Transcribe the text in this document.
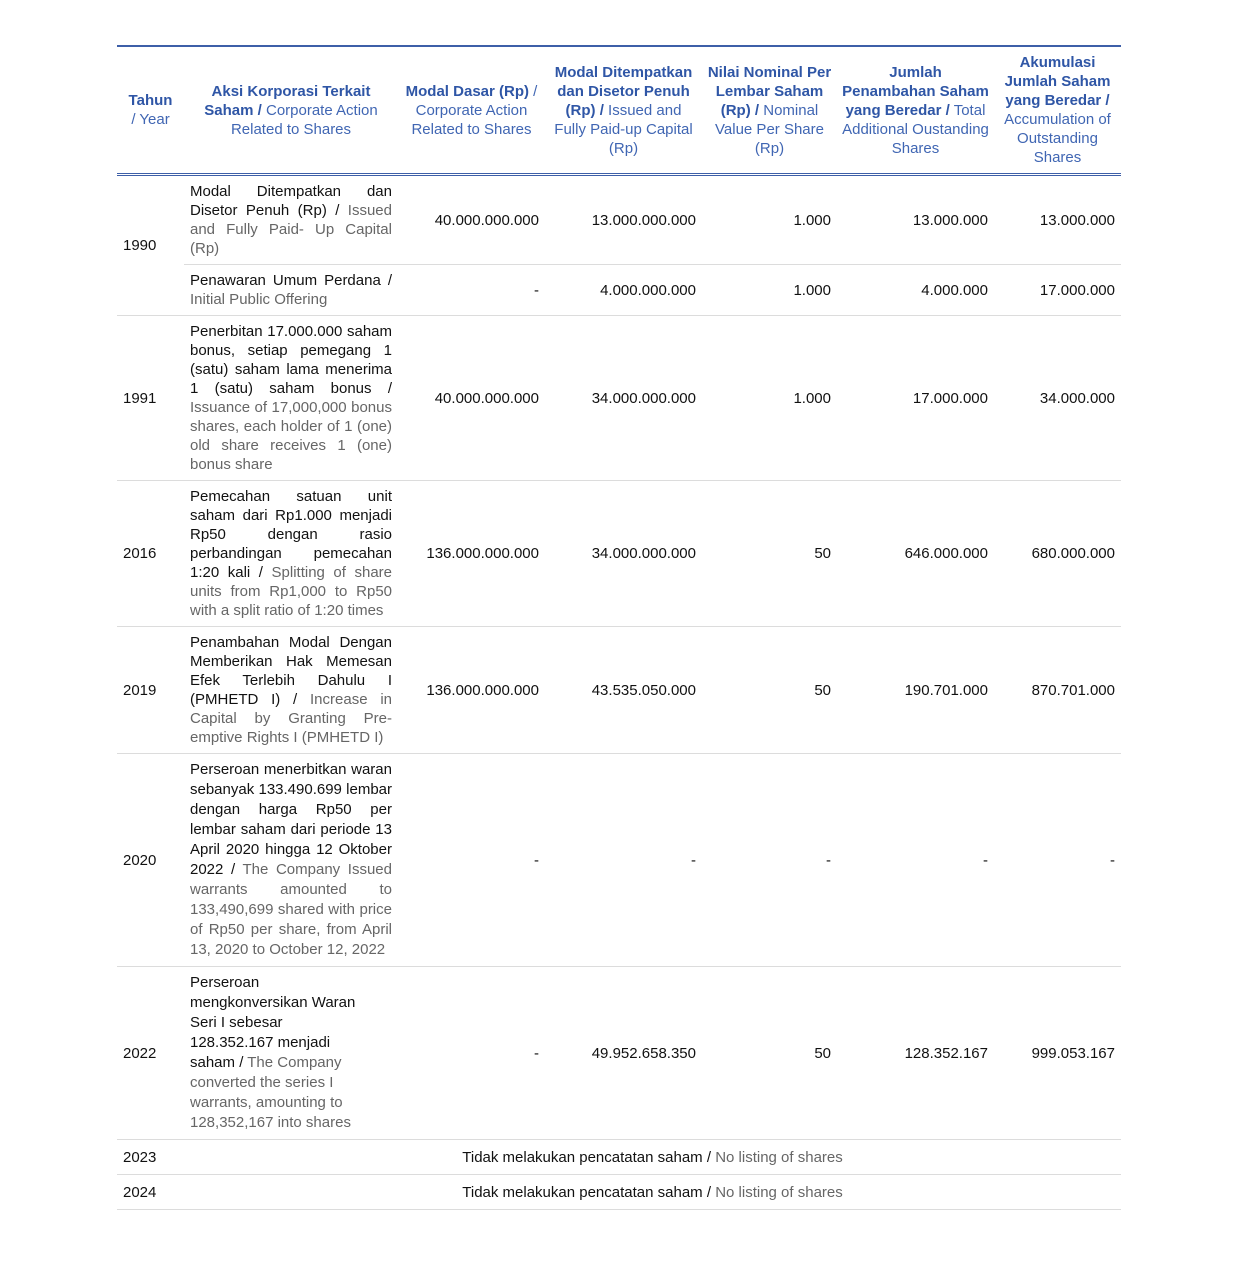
Tahun
/ Year	Aksi Korporasi Terkait Saham / Corporate Action Related to Shares	Modal Dasar (Rp) / Corporate Action Related to Shares	Modal Ditempatkan dan Disetor Penuh (Rp) / Issued and Fully Paid-up Capital (Rp)	Nilai Nominal Per Lembar Saham (Rp) / Nominal Value Per Share (Rp)	Jumlah Penambahan Saham yang Beredar / Total Additional Oustanding Shares	Akumulasi Jumlah Saham yang Beredar / Accumulation of Outstanding Shares
1990	Modal Ditempatkan dan Disetor Penuh (Rp) / Issued and Fully Paid- Up Capital (Rp)	40.000.000.000	13.000.000.000	1.000	13.000.000	13.000.000
	Penawaran Umum Perdana / Initial Public Offering	-	4.000.000.000	1.000	4.000.000	17.000.000
1991	Penerbitan 17.000.000 saham bonus, setiap pemegang 1 (satu) saham lama menerima 1 (satu) saham bonus / Issuance of 17,000,000 bonus shares, each holder of 1 (one) old share receives 1 (one) bonus share	40.000.000.000	34.000.000.000	1.000	17.000.000	34.000.000
2016	Pemecahan satuan unit saham dari Rp1.000 menjadi Rp50 dengan rasio perbandingan pemecahan 1:20 kali / Splitting of share units from Rp1,000 to Rp50 with a split ratio of 1:20 times	136.000.000.000	34.000.000.000	50	646.000.000	680.000.000
2019	Penambahan Modal Dengan Memberikan Hak Memesan Efek Terlebih Dahulu I (PMHETD I) / Increase in Capital by Granting Pre-emptive Rights I (PMHETD I)	136.000.000.000	43.535.050.000	50	190.701.000	870.701.000
2020	Perseroan menerbitkan waran sebanyak 133.490.699 lembar dengan harga Rp50 per lembar saham dari periode 13 April 2020 hingga 12 Oktober 2022 / The Company Issued warrants amounted to 133,490,699 shared with price of Rp50 per share, from April 13, 2020 to October 12, 2022	-	-	-	-	-
2022	Perseroan mengkonversikan Waran Seri I sebesar 128.352.167 menjadi saham / The Company converted the series I warrants, amounting to 128,352,167 into shares	-	49.952.658.350	50	128.352.167	999.053.167
2023	Tidak melakukan pencatatan saham / No listing of shares					
2024	Tidak melakukan pencatatan saham / No listing of shares					
